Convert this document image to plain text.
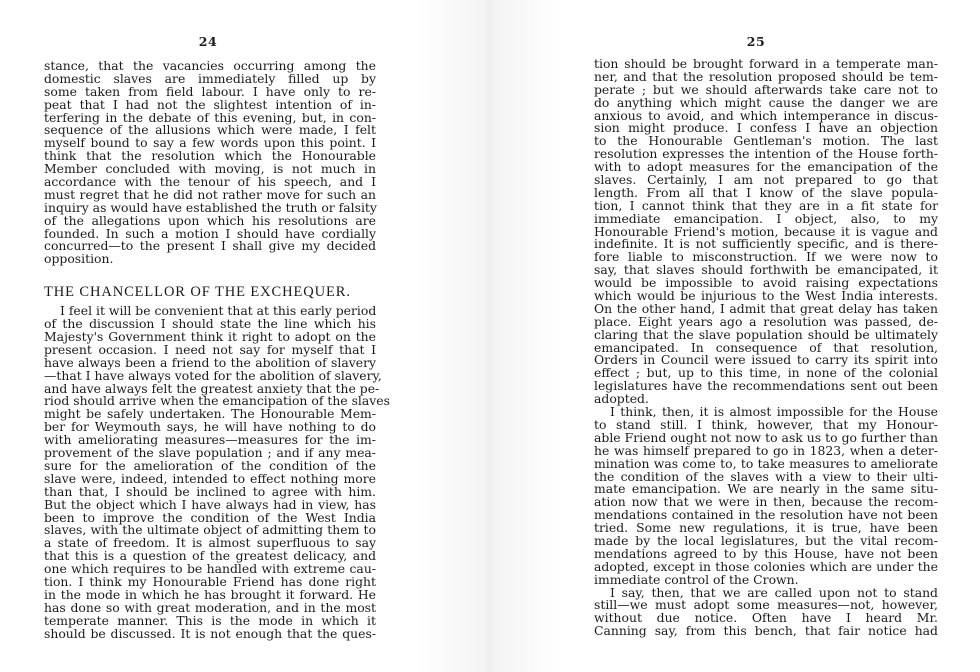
24
stance, that the vacancies occurring among the
domestic slaves are immediately filled up by
some taken from field labour. I have only to re-
peat that I had not the slightest intention of in-
terfering in the debate of this evening, but, in con-
sequence of the allusions which were made, I felt
myself bound to say a few words upon this point. I
think that the resolution which the Honourable
Member concluded with moving, is not much in
accordance with the tenour of his speech, and I
must regret that he did not rather move for such an
inquiry as would have established the truth or falsity
of the allegations upon which his resolutions are
founded. In such a motion I should have cordially
concurred—to the present I shall give my decided
opposition.
THE CHANCELLOR OF THE EXCHEQUER.
I feel it will be convenient that at this early period
of the discussion I should state the line which his
Majesty's Government think it right to adopt on the
present occasion. I need not say for myself that I
have always been a friend to the abolition of slavery
—that I have always voted for the abolition of slavery,
and have always felt the greatest anxiety that the pe-
riod should arrive when the emancipation of the slaves
might be safely undertaken. The Honourable Mem-
ber for Weymouth says, he will have nothing to do
with ameliorating measures—measures for the im-
provement of the slave population ; and if any mea-
sure for the amelioration of the condition of the
slave were, indeed, intended to effect nothing more
than that, I should be inclined to agree with him.
But the object which I have always had in view, has
been to improve the condition of the West India
slaves, with the ultimate object of admitting them to
a state of freedom. It is almost superfluous to say
that this is a question of the greatest delicacy, and
one which requires to be handled with extreme cau-
tion. I think my Honourable Friend has done right
in the mode in which he has brought it forward. He
has done so with great moderation, and in the most
temperate manner. This is the mode in which it
should be discussed. It is not enough that the ques-
25
tion should be brought forward in a temperate man-
ner, and that the resolution proposed should be tem-
perate ; but we should afterwards take care not to
do anything which might cause the danger we are
anxious to avoid, and which intemperance in discus-
sion might produce. I confess I have an objection
to the Honourable Gentleman's motion. The last
resolution expresses the intention of the House forth-
with to adopt measures for the emancipation of the
slaves. Certainly, I am not prepared to go that
length. From all that I know of the slave popula-
tion, I cannot think that they are in a fit state for
immediate emancipation. I object, also, to my
Honourable Friend's motion, because it is vague and
indefinite. It is not sufficiently specific, and is there-
fore liable to misconstruction. If we were now to
say, that slaves should forthwith be emancipated, it
would be impossible to avoid raising expectations
which would be injurious to the West India interests.
On the other hand, I admit that great delay has taken
place. Eight years ago a resolution was passed, de-
claring that the slave population should be ultimately
emancipated. In consequence of that resolution,
Orders in Council were issued to carry its spirit into
effect ; but, up to this time, in none of the colonial
legislatures have the recommendations sent out been
adopted.
I think, then, it is almost impossible for the House
to stand still. I think, however, that my Honour-
able Friend ought not now to ask us to go further than
he was himself prepared to go in 1823, when a deter-
mination was come to, to take measures to ameliorate
the condition of the slaves with a view to their ulti-
mate emancipation. We are nearly in the same situ-
ation now that we were in then, because the recom-
mendations contained in the resolution have not been
tried. Some new regulations, it is true, have been
made by the local legislatures, but the vital recom-
mendations agreed to by this House, have not been
adopted, except in those colonies which are under the
immediate control of the Crown.
I say, then, that we are called upon not to stand
still—we must adopt some measures—not, however,
without due notice. Often have I heard Mr.
Canning say, from this bench, that fair notice had
